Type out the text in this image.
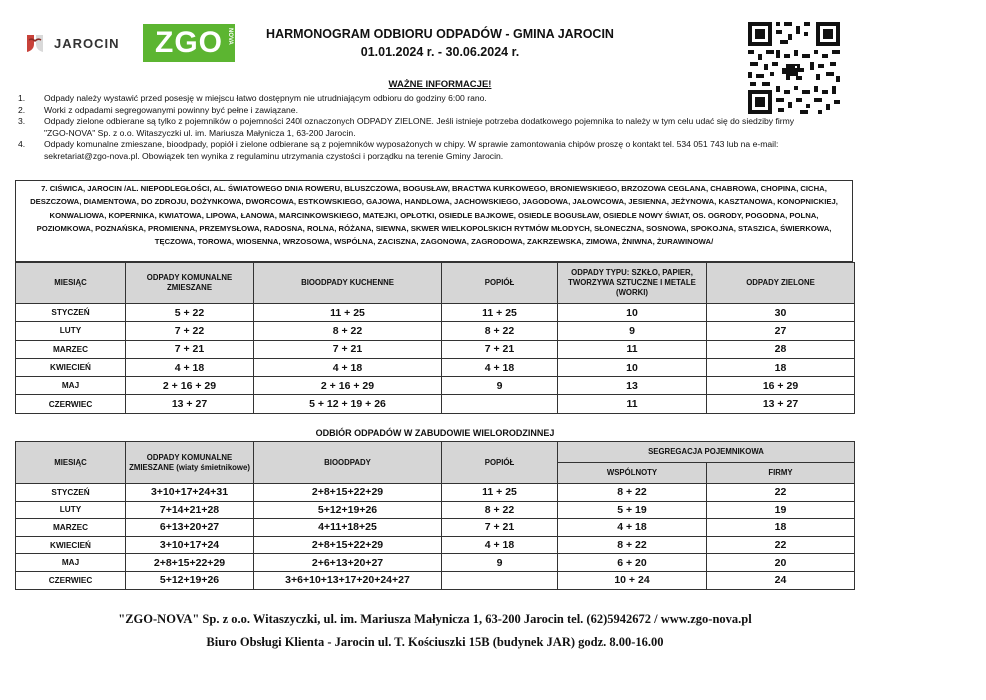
JAROCIN ZGO NOVA	HARMONOGRAM ODBIORU ODPADÓW - GMINA JAROCIN
01.01.2024 r. - 30.06.2024 r.
WAŻNE INFORMACJE!
1.	Odpady należy wystawić przed posesję w miejscu łatwo dostępnym nie utrudniającym odbioru do godziny 6:00 rano.
2.	Worki z odpadami segregowanymi powinny być pełne i zawiązane.
3.	Odpady zielone odbierane są tylko z pojemników o pojemności 240l oznaczonych ODPADY ZIELONE. Jeśli istnieje potrzeba dodatkowego pojemnika to należy w tym celu udać się do siedziby firmy "ZGO-NOVA" Sp. z o.o. Witaszyczki ul. im. Mariusza Małynicza 1, 63-200 Jarocin.
4.	Odpady komunalne zmieszane, bioodpady, popiół i zielone odbierane są z pojemników wyposażonych w chipy. W sprawie zamontowania chipów proszę o kontakt tel. 534 051 743 lub na e-mail: sekretariat@zgo-nova.pl. Obowiązek ten wynika z regulaminu utrzymania czystości i porządku na terenie Gminy Jarocin.
7. CIŚWICA, JAROCIN /AL. NIEPODLEGŁOŚCI, AL. ŚWIATOWEGO DNIA ROWERU, BLUSZCZOWA, BOGUSŁAW, BRACTWA KURKOWEGO, BRONIEWSKIEGO, BRZOZOWA CEGLANA, CHABROWA, CHOPINA, CICHA, DESZCZOWA, DIAMENTOWA, DO ZDROJU, DOŻYNKOWA, DWORCOWA, ESTKOWSKIEGO, GAJOWA, HANDLOWA, JACHOWSKIEGO, JAGODOWA, JAŁOWCOWA, JESIENNA, JEŻYNOWA, KASZTANOWA, KONOPNICKIEJ, KONWALIOWA, KOPERNIKA, KWIATOWA, LIPOWA, ŁANOWA, MARCINKOWSKIEGO, MATEJKI, OPŁOTKI, OSIEDLE BAJKOWE, OSIEDLE BOGUSŁAW, OSIEDLE NOWY ŚWIAT, OS. OGRODY, POGODNA, POLNA, POZIOMKOWA, POZNAŃSKA, PROMIENNA, PRZEMYSŁOWA, RADOSNA, ROLNA, RÓŻANA, SIEWNA, SKWER WIELKOPOLSKICH RYTMÓW MŁODYCH, SŁONECZNA, SOSNOWA, SPOKOJNA, STASZICA, ŚWIERKOWA, TĘCZOWA, TOROWA, WIOSENNA, WRZOSOWA, WSPÓLNA, ZACISZNA, ZAGONOWA, ZAGRODOWA, ZAKRZEWSKA, ZIMOWA, ŻNIWNA, ŻURAWINOWA/
MIESIĄC	ODPADY KOMUNALNE ZMIESZANE	BIOODPADY KUCHENNE	POPIÓŁ	ODPADY TYPU: SZKŁO, PAPIER, TWORZYWA SZTUCZNE I METALE (WORKI)	ODPADY ZIELONE
STYCZEŃ	5 + 22	11 + 25	11 + 25	10	30
LUTY	7 + 22	8 + 22	8 + 22	9	27
MARZEC	7 + 21	7 + 21	7 + 21	11	28
KWIECIEŃ	4 + 18	4 + 18	4 + 18	10	18
MAJ	2 + 16 + 29	2 + 16 + 29	9	13	16 + 29
CZERWIEC	13 + 27	5 + 12 + 19 + 26		11	13 + 27
ODBIÓR ODPADÓW W ZABUDOWIE WIELORODZINNEJ
MIESIĄC	ODPADY KOMUNALNE ZMIESZANE (wiaty śmietnikowe)	BIOODPADY	POPIÓŁ	SEGREGACJA POJEMNIKOWA	
				WSPÓLNOTY	FIRMY
STYCZEŃ	3+10+17+24+31	2+8+15+22+29	11 + 25	8 + 22	22
LUTY	7+14+21+28	5+12+19+26	8 + 22	5 + 19	19
MARZEC	6+13+20+27	4+11+18+25	7 + 21	4 + 18	18
KWIECIEŃ	3+10+17+24	2+8+15+22+29	4 + 18	8 + 22	22
MAJ	2+8+15+22+29	2+6+13+20+27	9	6 + 20	20
CZERWIEC	5+12+19+26	3+6+10+13+17+20+24+27		10 + 24	24
"ZGO-NOVA" Sp. z o.o. Witaszyczki, ul. im. Mariusza Małynicza 1, 63-200 Jarocin tel. (62)5942672 / www.zgo-nova.pl
Biuro Obsługi Klienta - Jarocin ul. T. Kościuszki 15B (budynek JAR) godz. 8.00-16.00
